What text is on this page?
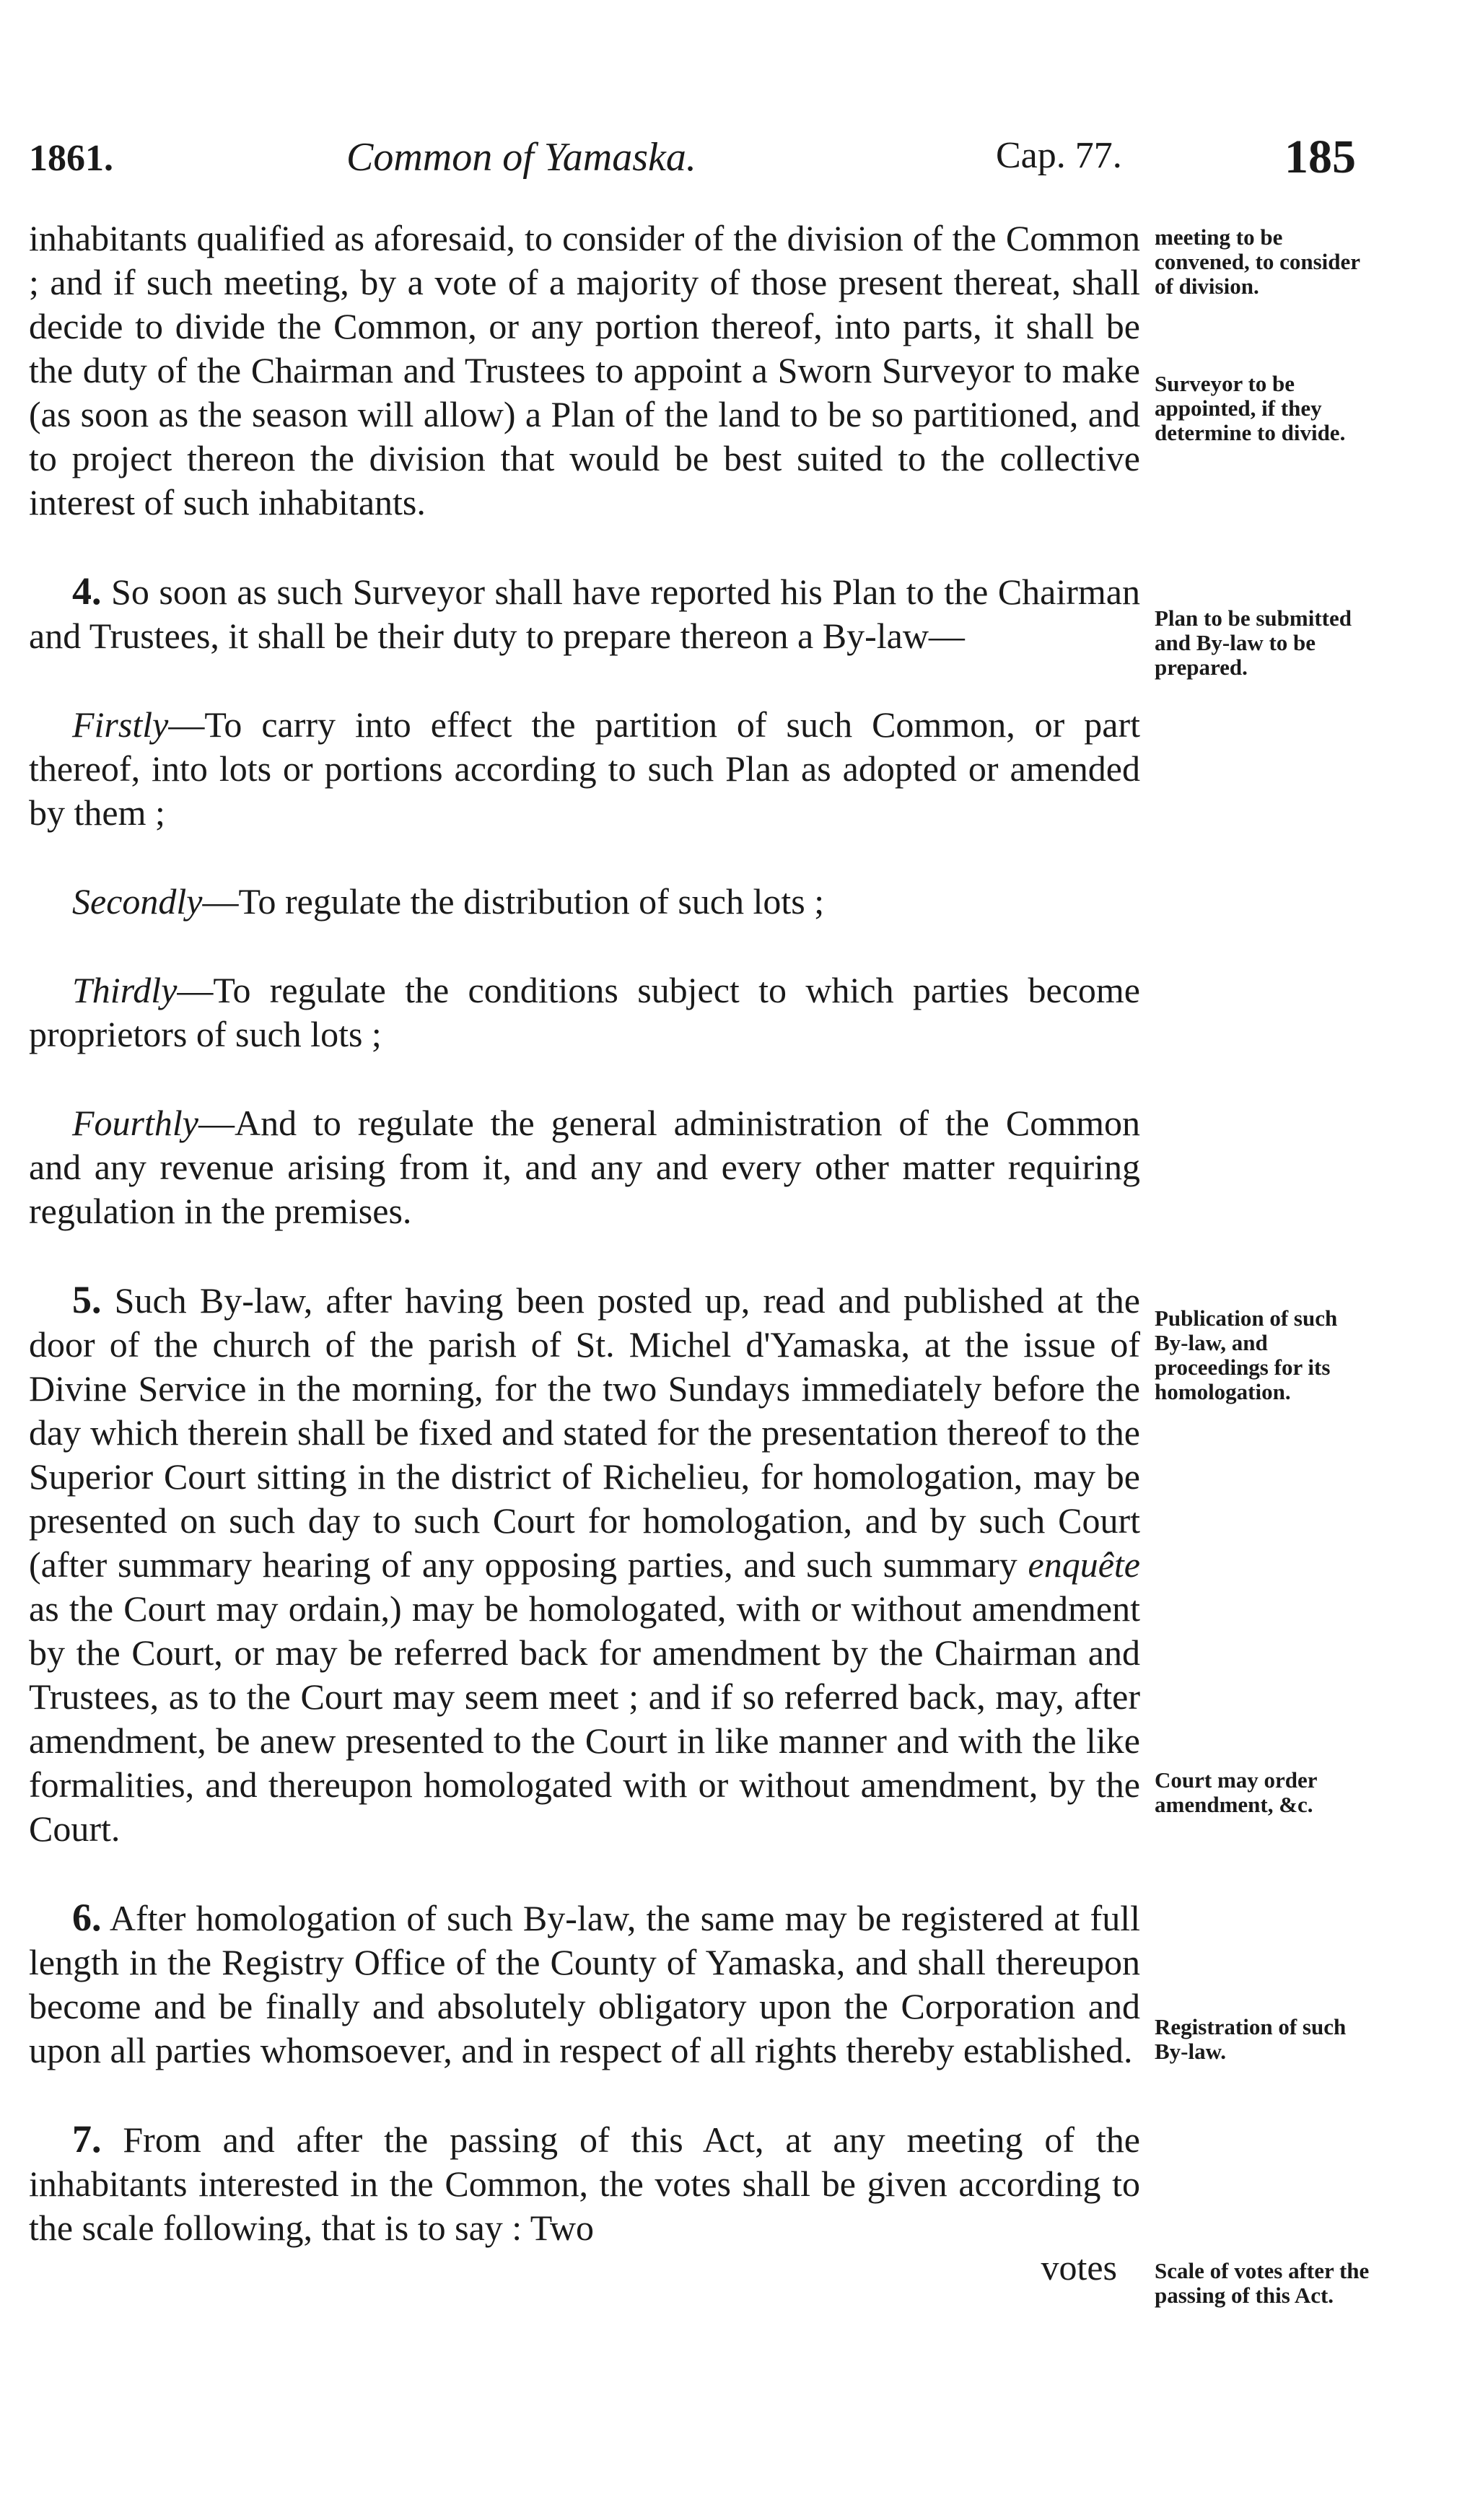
1861.	Common of Yamaska.	Cap. 77.	185

inhabitants qualified as aforesaid, to consider of the division of the Common ; and if such meeting, by a vote of a majority of those present thereat, shall decide to divide the Common, or any portion thereof, into parts, it shall be the duty of the Chairman and Trustees to appoint a Sworn Surveyor to make (as soon as the season will allow) a Plan of the land to be so partitioned, and to project thereon the division that would be best suited to the collective interest of such inhabitants.

4. So soon as such Surveyor shall have reported his Plan to the Chairman and Trustees, it shall be their duty to prepare thereon a By-law—

Firstly—To carry into effect the partition of such Common, or part thereof, into lots or portions according to such Plan as adopted or amended by them ;

Secondly—To regulate the distribution of such lots ;

Thirdly—To regulate the conditions subject to which parties become proprietors of such lots ;

Fourthly—And to regulate the general administration of the Common and any revenue arising from it, and any and every other matter requiring regulation in the premises.

5. Such By-law, after having been posted up, read and published at the door of the church of the parish of St. Michel d'Yamaska, at the issue of Divine Service in the morning, for the two Sundays immediately before the day which therein shall be fixed and stated for the presentation thereof to the Superior Court sitting in the district of Richelieu, for homologation, may be presented on such day to such Court for homologation, and by such Court (after summary hearing of any opposing parties, and such summary enquête as the Court may ordain,) may be homologated, with or without amendment by the Court, or may be referred back for amendment by the Chairman and Trustees, as to the Court may seem meet ; and if so referred back, may, after amendment, be anew presented to the Court in like manner and with the like formalities, and thereupon homologated with or without amendment, by the Court.

6. After homologation of such By-law, the same may be registered at full length in the Registry Office of the County of Yamaska, and shall thereupon become and be finally and absolutely obligatory upon the Corporation and upon all parties whomsoever, and in respect of all rights thereby established.

7. From and after the passing of this Act, at any meeting of the inhabitants interested in the Common, the votes shall be given according to the scale following, that is to say : Two

votes
meeting to be convened, to consider of division.
Surveyor to be appointed, if they determine to divide.
Plan to be submitted and By-law to be prepared.
Publication of such By-law, and proceedings for its homologation.
Court may order amendment, &c.
Registration of such By-law.
Scale of votes after the passing of this Act.
